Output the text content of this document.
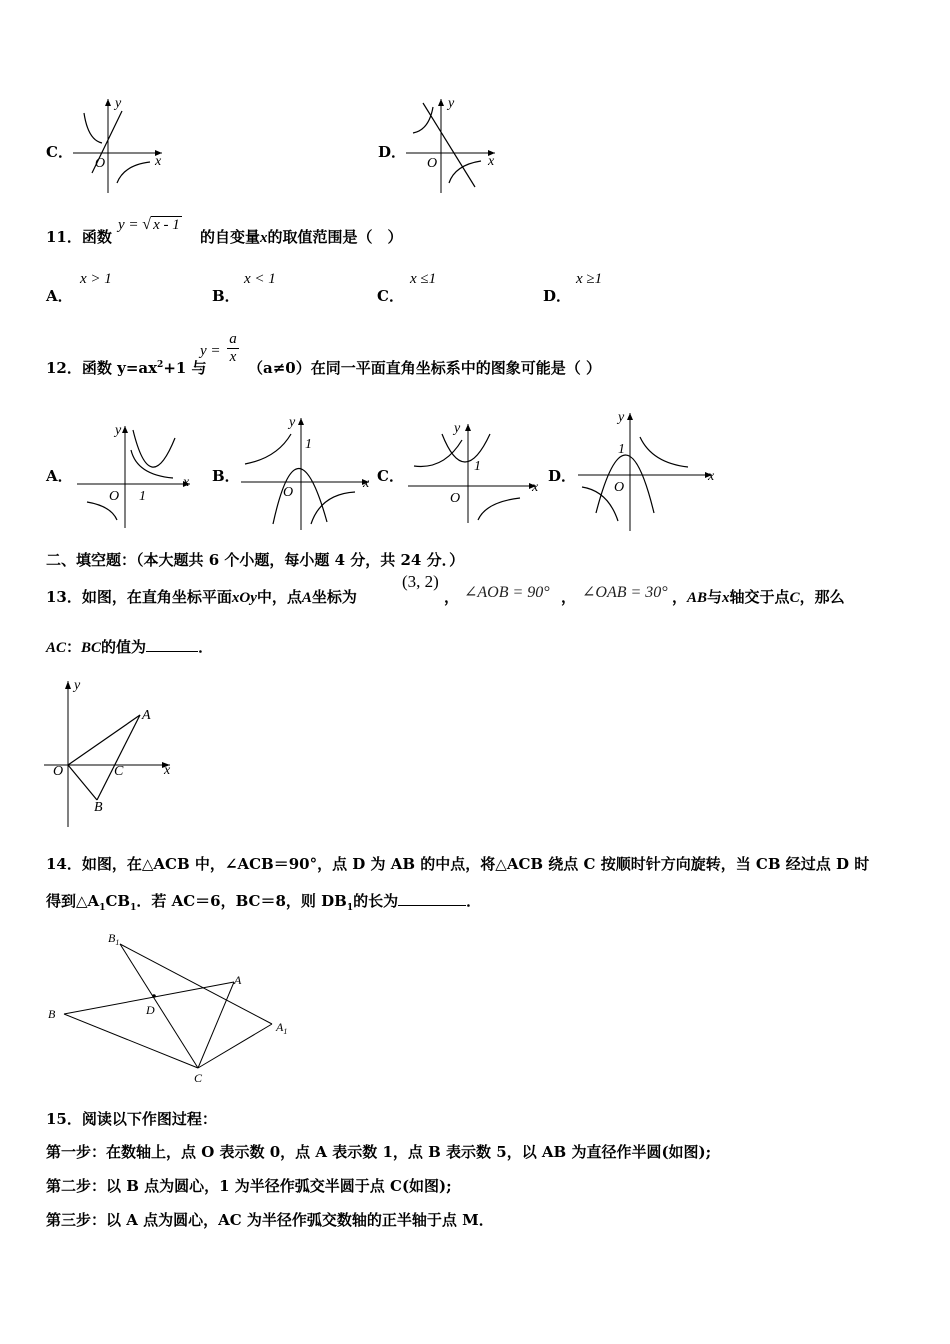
C．
x
y
O
D．
x
y
O
11．函数
y = √ x - 1
的自变量x的取值范围是（　）
A．
x > 1
B．
x < 1
C．
x ≤1
D．
x ≥1
12．函数 $y=ax^2+1$ 与
$y = \frac{a}{x}$
（a≠0）在同一平面直角坐标系中的图象可能是（ ）
A．
y
x
O 1
B．
y
x
O
1
C．
y
x
O
1
D．
y
x
O
1
二、填空题：（本大题共 6 个小题，每小题 4 分，共 24 分．）
13．如图，在直角坐标平面xOy中，点A坐标为
(3, 2)
， ∠AOB = 90° ， ∠OAB = 30° ，AB与x轴交于点C，那么
AC：BC的值为	．
y
x
O
A
C
B
14．如图，在△ACB 中，∠ACB＝90°，点 D 为 AB 的中点，将△ACB 绕点 C 按顺时针方向旋转，当 CB 经过点 D 时
得到$\triangle A_1CB_1$．若 AC＝6，BC＝8，则 $DB_1$的长为	．
$B_1$
A
B	D
$A_1$
C
15．阅读以下作图过程：
第一步：在数轴上，点 O 表示数 0，点 A 表示数 1，点 B 表示数 5，以 AB 为直径作半圆(如图);
第二步：以 B 点为圆心，1 为半径作弧交半圆于点 C(如图);
第三步：以 A 点为圆心，AC 为半径作弧交数轴的正半轴于点 M．
